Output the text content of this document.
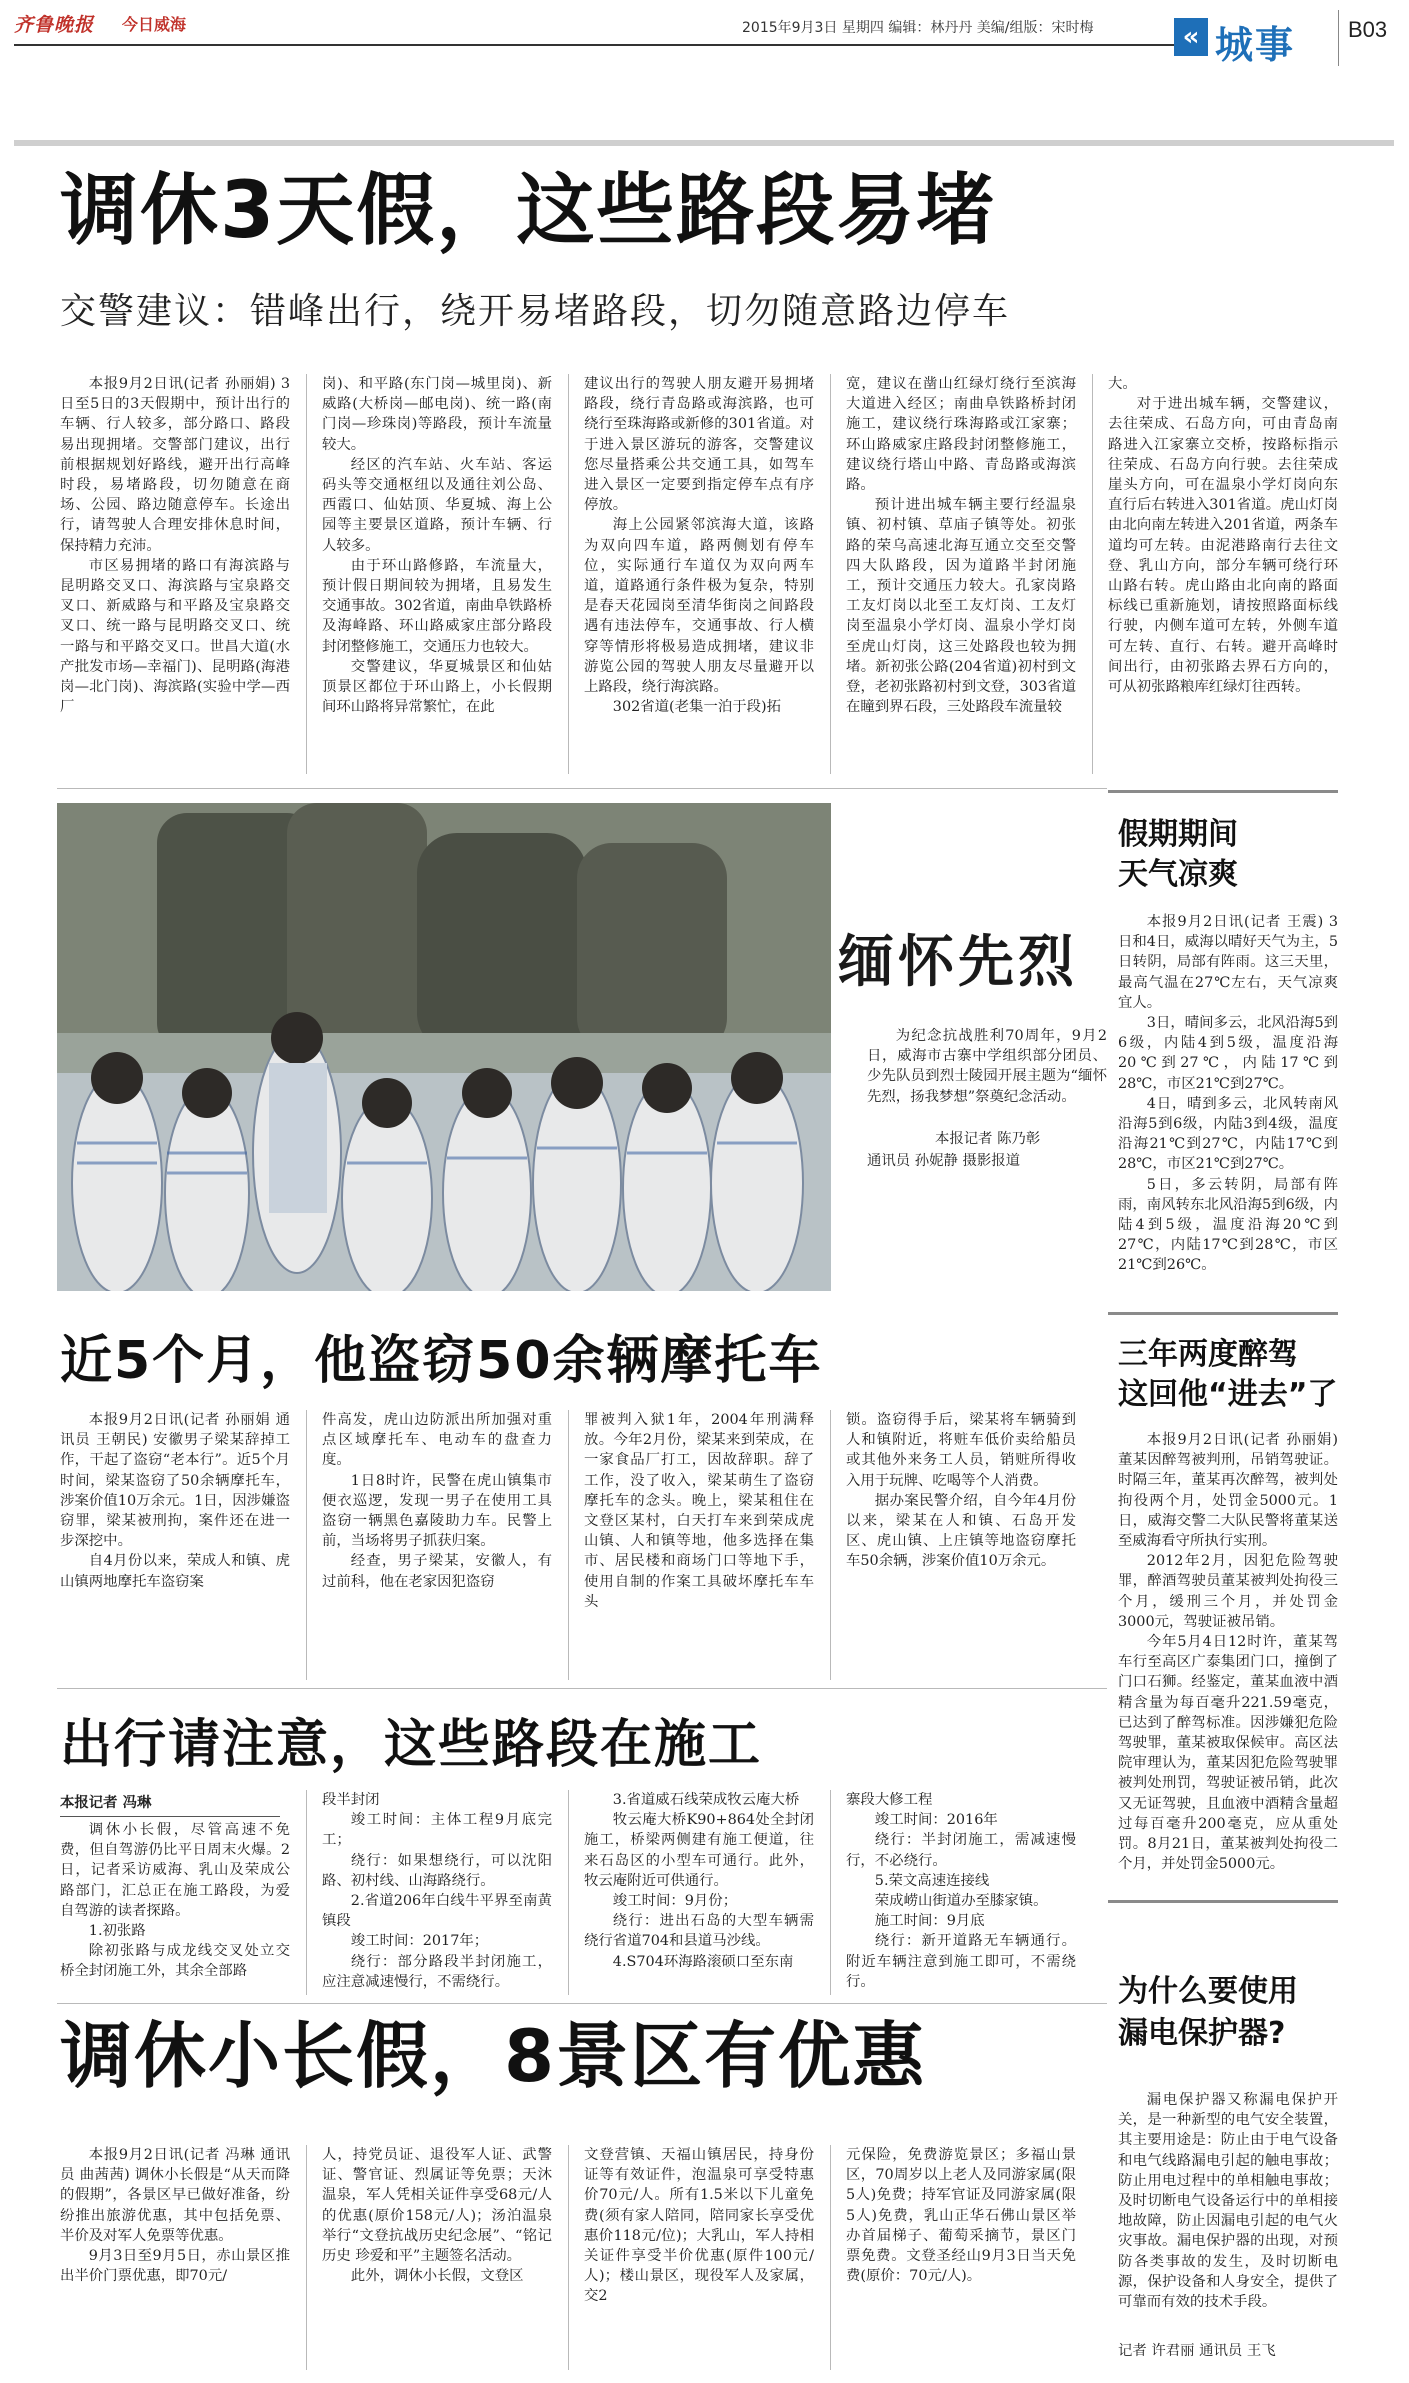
齐鲁晚报 今日威海	2015年9月3日 星期四 编辑：林丹丹 美编/组版：宋时梅	« 城事 B03
调休3天假，这些路段易堵
交警建议：错峰出行，绕开易堵路段，切勿随意路边停车

本报9月2日讯(记者 孙丽娟) 3日至5日的3天假期中，预计出行的车辆、行人较多，部分路口、路段易出现拥堵。交警部门建议，出行前根据规划好路线，避开出行高峰时段，易堵路段，切勿随意在商场、公园、路边随意停车。长途出行，请驾驶人合理安排休息时间，保持精力充沛。

市区易拥堵的路口有海滨路与昆明路交叉口、海滨路与宝泉路交叉口、新威路与和平路及宝泉路交叉口、统一路与昆明路交叉口、统一路与和平路交叉口。世昌大道(水产批发市场—幸福门)、昆明路(海港岗—北门岗)、海滨路(实验中学—西厂

岗)、和平路(东门岗—城里岗)、新威路(大桥岗—邮电岗)、统一路(南门岗—珍珠岗)等路段，预计车流量较大。

经区的汽车站、火车站、客运码头等交通枢纽以及通往刘公岛、西霞口、仙姑顶、华夏城、海上公园等主要景区道路，预计车辆、行人较多。

由于环山路修路，车流量大，预计假日期间较为拥堵，且易发生交通事故。302省道，南曲阜铁路桥及海峰路、环山路威家庄部分路段封闭整修施工，交通压力也较大。

交警建议，华夏城景区和仙姑顶景区都位于环山路上，小长假期间环山路将异常繁忙，在此

建议出行的驾驶人朋友避开易拥堵路段，绕行青岛路或海滨路，也可绕行至珠海路或新修的301省道。对于进入景区游玩的游客，交警建议您尽量搭乘公共交通工具，如驾车进入景区一定要到指定停车点有序停放。

海上公园紧邻滨海大道，该路为双向四车道，路两侧划有停车位，实际通行车道仅为双向两车道，道路通行条件极为复杂，特别是春天花园岗至清华街岗之间路段遇有违法停车，交通事故、行人横穿等情形将极易造成拥堵，建议非游览公园的驾驶人朋友尽量避开以上路段，绕行海滨路。

302省道(老集一泊于段)拓

宽，建议在凿山红绿灯绕行至滨海大道进入经区；南曲阜铁路桥封闭施工，建议绕行珠海路或江家寨；环山路威家庄路段封闭整修施工，建议绕行塔山中路、青岛路或海滨路。

预计进出城车辆主要行经温泉镇、初村镇、草庙子镇等处。初张路的荣乌高速北海互通立交至交警四大队路段，因为道路半封闭施工，预计交通压力较大。孔家岗路工友灯岗以北至工友灯岗、工友灯岗至温泉小学灯岗、温泉小学灯岗至虎山灯岗，这三处路段也较为拥堵。新初张公路(204省道)初村到文登，老初张路初村到文登，303省道在瞳到界石段，三处路段车流量较

大。

对于进出城车辆，交警建议，去往荣成、石岛方向，可由青岛南路进入江家寨立交桥，按路标指示往荣成、石岛方向行驶。去往荣成崖头方向，可在温泉小学灯岗向东直行后右转进入301省道。虎山灯岗由北向南左转进入201省道，两条车道均可左转。由泥港路南行去往文登、乳山方向，部分车辆可绕行环山路右转。虎山路由北向南的路面标线已重新施划，请按照路面标线行驶，内侧车道可左转，外侧车道可左转、直行、右转。避开高峰时间出行，由初张路去界石方向的，可从初张路粮库红绿灯往西转。

缅怀先烈

为纪念抗战胜利70周年，9月2日，威海市古寨中学组织部分团员、少先队员到烈士陵园开展主题为“缅怀先烈，扬我梦想”祭奠纪念活动。

本报记者 陈乃彰
通讯员 孙妮静 摄影报道
假期期间
天气凉爽

本报9月2日讯(记者 王震) 3日和4日，威海以晴好天气为主，5日转阴，局部有阵雨。这三天里，最高气温在27℃左右，天气凉爽宜人。

3日，晴间多云，北风沿海5到6级，内陆4到5级，温度沿海20℃到27℃，内陆17℃到28℃，市区21℃到27℃。

4日，晴到多云，北风转南风沿海5到6级，内陆3到4级，温度沿海21℃到27℃，内陆17℃到28℃，市区21℃到27℃。

5日，多云转阴，局部有阵雨，南风转东北风沿海5到6级，内陆4到5级，温度沿海20℃到27℃，内陆17℃到28℃，市区21℃到26℃。

近5个月，他盗窃50余辆摩托车

本报9月2日讯(记者 孙丽娟 通讯员 王朝民) 安徽男子梁某辞掉工作，干起了盗窃“老本行”。近5个月时间，梁某盗窃了50余辆摩托车，涉案价值10万余元。1日，因涉嫌盗窃罪，梁某被刑拘，案件还在进一步深挖中。

自4月份以来，荣成人和镇、虎山镇两地摩托车盗窃案

件高发，虎山边防派出所加强对重点区域摩托车、电动车的盘查力度。

1日8时许，民警在虎山镇集市便衣巡逻，发现一男子在使用工具盗窃一辆黑色嘉陵助力车。民警上前，当场将男子抓获归案。

经查，男子梁某，安徽人，有过前科，他在老家因犯盗窃

罪被判入狱1年，2004年刑满释放。今年2月份，梁某来到荣成，在一家食品厂打工，因故辞职。辞了工作，没了收入，梁某萌生了盗窃摩托车的念头。晚上，梁某租住在文登区某村，白天打车来到荣成虎山镇、人和镇等地，他多选择在集市、居民楼和商场门口等地下手，使用自制的作案工具破坏摩托车车头

锁。盗窃得手后，梁某将车辆骑到人和镇附近，将赃车低价卖给船员或其他外来务工人员，销赃所得收入用于玩牌、吃喝等个人消费。

据办案民警介绍，自今年4月份以来，梁某在人和镇、石岛开发区、虎山镇、上庄镇等地盗窃摩托车50余辆，涉案价值10万余元。

三年两度醉驾
这回他“进去”了

本报9月2日讯(记者 孙丽娟) 董某因醉驾被判刑，吊销驾驶证。时隔三年，董某再次醉驾，被判处拘役两个月，处罚金5000元。1日，威海交警二大队民警将董某送至威海看守所执行实刑。

2012年2月，因犯危险驾驶罪，醉酒驾驶员董某被判处拘役三个月，缓刑三个月，并处罚金3000元，驾驶证被吊销。

今年5月4日12时许，董某驾车行至高区广泰集团门口，撞倒了门口石狮。经鉴定，董某血液中酒精含量为每百毫升221.59毫克，已达到了醉驾标准。因涉嫌犯危险驾驶罪，董某被取保候审。高区法院审理认为，董某因犯危险驾驶罪被判处刑罚，驾驶证被吊销，此次又无证驾驶，且血液中酒精含量超过每百毫升200毫克，应从重处罚。8月21日，董某被判处拘役二个月，并处罚金5000元。

出行请注意，这些路段在施工
本报记者 冯琳

调休小长假，尽管高速不免费，但自驾游仍比平日周末火爆。2日，记者采访威海、乳山及荣成公路部门，汇总正在施工路段，为爱自驾游的读者探路。

1.初张路

除初张路与成龙线交叉处立交桥全封闭施工外，其余全部路

段半封闭

竣工时间：主体工程9月底完工；

绕行：如果想绕行，可以沈阳路、初村线、山海路绕行。

2.省道206年白线牛平界至南黄镇段

竣工时间：2017年；

绕行：部分路段半封闭施工，应注意减速慢行，不需绕行。

3.省道威石线荣成牧云庵大桥

牧云庵大桥K90+864处全封闭施工，桥梁两侧建有施工便道，往来石岛区的小型车可通行。此外，牧云庵附近可供通行。

竣工时间：9月份；

绕行：进出石岛的大型车辆需绕行省道704和县道马沙线。

4.S704环海路滚硕口至东南

寨段大修工程

竣工时间：2016年

绕行：半封闭施工，需减速慢行，不必绕行。

5.荣文高速连接线

荣成崂山街道办至膝家镇。

施工时间：9月底

绕行：新开道路无车辆通行。附近车辆注意到施工即可，不需绕行。	为什么要使用
漏电保护器?

漏电保护器又称漏电保护开关，是一种新型的电气安全装置，其主要用途是：防止由于电气设备和电气线路漏电引起的触电事故；防止用电过程中的单相触电事故；及时切断电气设备运行中的单相接地故障，防止因漏电引起的电气火灾事故。漏电保护器的出现，对预防各类事故的发生，及时切断电源，保护设备和人身安全，提供了可靠而有效的技术手段。

记者 许君丽 通讯员 王飞
调休小长假，8景区有优惠

本报9月2日讯(记者 冯琳 通讯员 曲茜茜) 调休小长假是“从天而降的假期”，各景区早已做好准备，纷纷推出旅游优惠，其中包括免票、半价及对军人免票等优惠。

9月3日至9月5日，赤山景区推出半价门票优惠，即70元/

人，持党员证、退役军人证、武警证、警官证、烈属证等免票；天沐温泉，军人凭相关证件享受68元/人的优惠(原价158元/人)；汤泊温泉举行“文登抗战历史纪念展”、“铭记历史 珍爱和平”主题签名活动。

此外，调休小长假，文登区

文登营镇、天福山镇居民，持身份证等有效证件，泡温泉可享受特惠价70元/人。所有1.5米以下儿童免费(须有家人陪同，陪同家长享受优惠价118元/位)；大乳山，军人持相关证件享受半价优惠(原件100元/人)；楼山景区，现役军人及家属，交2

元保险，免费游览景区；多福山景区，70周岁以上老人及同游家属(限5人)免费；持军官证及同游家属(限5人)免费，乳山正华石佛山景区举办首届梯子、葡萄采摘节，景区门票免费。文登圣经山9月3日当天免费(原价：70元/人)。
